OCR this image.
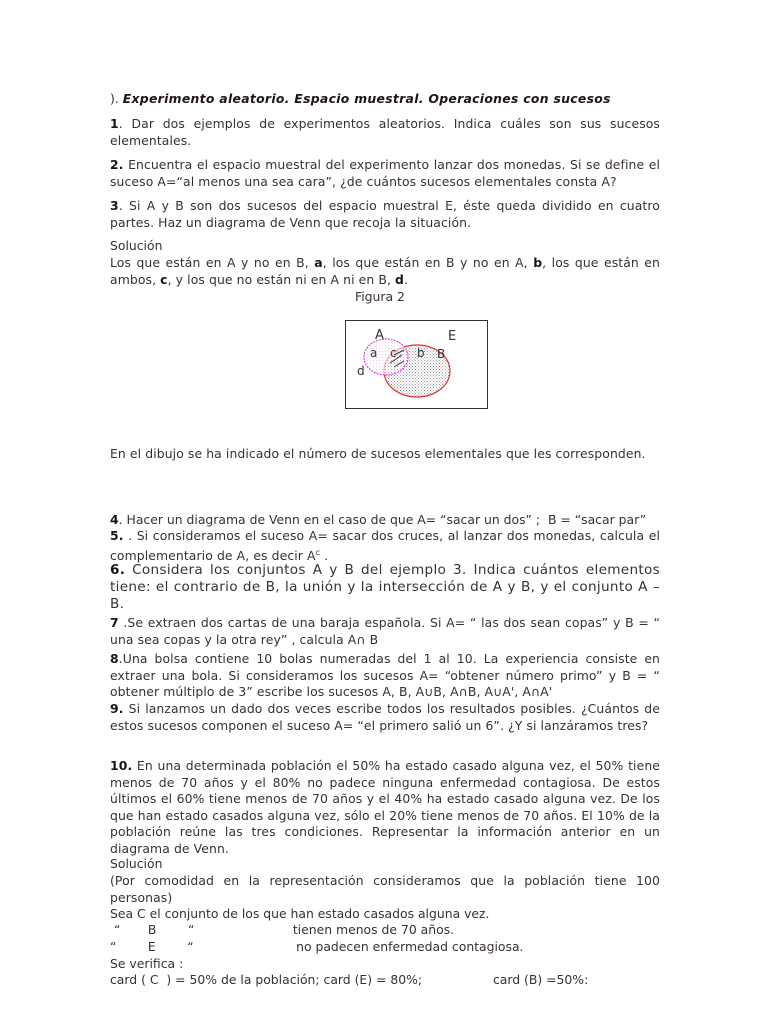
). Experimento aleatorio. Espacio muestral. Operaciones con sucesos
1. Dar dos ejemplos de experimentos aleatorios. Indica cuáles son sus sucesos elementales.
2. Encuentra el espacio muestral del experimento lanzar dos monedas. Si se define el suceso A=“al menos una sea cara”, ¿de cuántos sucesos elementales consta A?
3. Si A y B son dos sucesos del espacio muestral E, éste queda dividido en cuatro partes. Haz un diagrama de Venn que recoja la situación.
Solución
Los que están en A y no en B, a, los que están en B y no en A, b, los que están en ambos, c, y los que no están ni en A ni en B, d.
Figura 2
A	E
a c b B
d
En el dibujo se ha indicado el número de sucesos elementales que les corresponden.
4. Hacer un diagrama de Venn en el caso de que A= “sacar un dos” ;  B = “sacar par”
5. . Si consideramos el suceso A= sacar dos cruces, al lanzar dos monedas, calcula el complementario de A, es decir $A^c$ .
6. Considera los conjuntos A y B del ejemplo 3. Indica cuántos elementos tiene: el contrario de B, la unión y la intersección de A y B, y el conjunto A – B.
7 .Se extraen dos cartas de una baraja española. Si A= “ las dos sean copas” y B = “ una sea copas y la otra rey” , calcula A∩ B
8.Una bolsa contiene 10 bolas numeradas del 1 al 10. La experiencia consiste en extraer una bola. Si consideramos los sucesos A= “obtener número primo” y B = “ obtener múltiplo de 3” escribe los sucesos A, B, A∪B, A∩B, A∪A', A∩A'
9. Si lanzamos un dado dos veces escribe todos los resultados posibles. ¿Cuántos de estos sucesos componen el suceso A= “el primero salió un 6”. ¿Y si lanzáramos tres?
10. En una determinada población el 50% ha estado casado alguna vez, el 50% tiene menos de 70 años y el 80% no padece ninguna enfermedad contagiosa. De estos últimos el 60% tiene menos de 70 años y el 40% ha estado casado alguna vez. De los que han estado casados alguna vez, sólo el 20% tiene menos de 70 años. El 10% de la población reúne las tres condiciones. Representar la información anterior en un diagrama de Venn.
Solución
(Por comodidad en la representación consideramos que la población tiene 100 personas)
Sea C el conjunto de los que han estado casados alguna vez.
“       B        “                         tienen menos de 70 años.
“        E        “                          no padecen enfermedad contagiosa.
Se verifica :
card ( C  ) = 50% de la población; card (E) = 80%;                  card (B) =50%:
